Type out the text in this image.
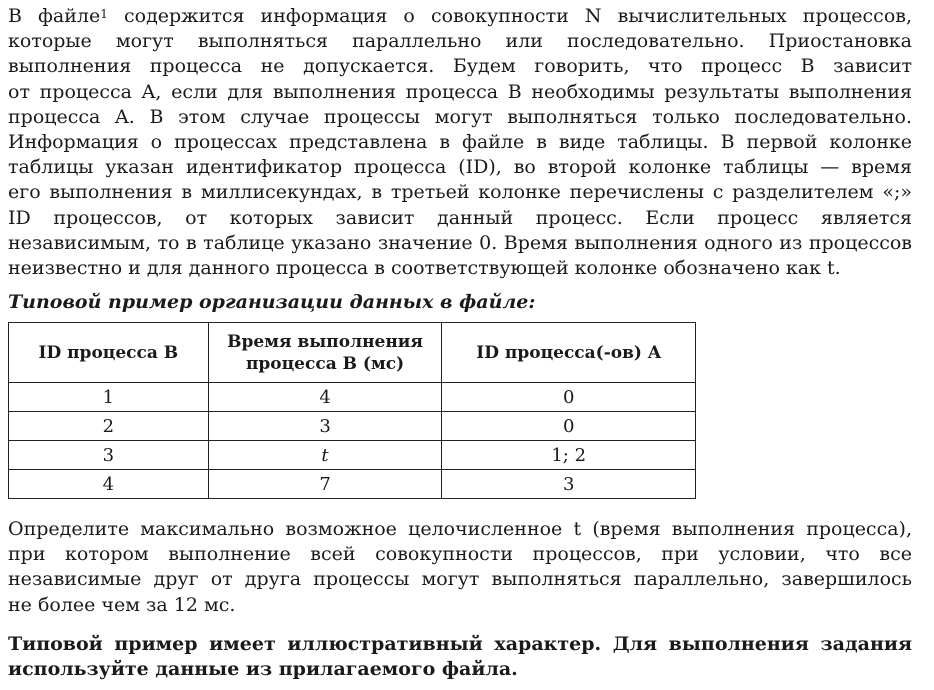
В файле$^1$ содержится информация о совокупности N вычислительных процессов,
которые могут выполняться параллельно или последовательно. Приостановка
выполнения процесса не допускается. Будем говорить, что процесс B зависит
от процесса A, если для выполнения процесса B необходимы результаты выполнения
процесса A. В этом случае процессы могут выполняться только последовательно.
Информация о процессах представлена в файле в виде таблицы. В первой колонке
таблицы указан идентификатор процесса (ID), во второй колонке таблицы — время
его выполнения в миллисекундах, в третьей колонке перечислены с разделителем «;»
ID процессов, от которых зависит данный процесс. Если процесс является
независимым, то в таблице указано значение 0. Время выполнения одного из процессов
неизвестно и для данного процесса в соответствующей колонке обозначено как t.
Типовой пример организации данных в файле:
ID процесса B	Время выполнения процесса B (мс)	ID процесса(-ов) A
1	4	0
2	3	0
3	t	1; 2
4	7	3
Определите максимально возможное целочисленное t (время выполнения процесса),
при котором выполнение всей совокупности процессов, при условии, что все
независимые друг от друга процессы могут выполняться параллельно, завершилось
не более чем за 12 мс.
Типовой пример имеет иллюстративный характер. Для выполнения задания
используйте данные из прилагаемого файла.
